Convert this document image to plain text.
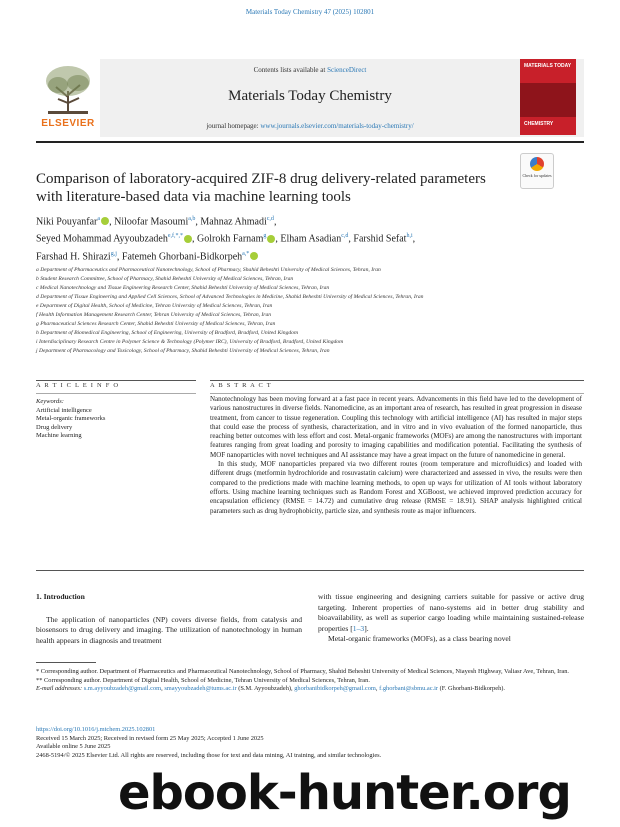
Materials Today Chemistry 47 (2025) 102801
ELSEVIER
Contents lists available at ScienceDirect
Materials Today Chemistry
journal homepage: www.journals.elsevier.com/materials-today-chemistry/
MATERIALS TODAY
CHEMISTRY
Check for updates
Comparison of laboratory-acquired ZIF-8 drug delivery-related parameters with literature-based data via machine learning tools
Niki Pouyanfar$^a$ , Niloofar Masoumi$^{a,b}$, Mahnaz Ahmadi$^{c,d}$,
Seyed Mohammad Ayyoubzadeh$^{e,f,*,*}$ , Golrokh Farnam$^g$ , Elham Asadian$^{c,d}$, Farshid Sefat$^{h,i}$,
Farshad H. Shirazi$^{g,j}$, Fatemeh Ghorbani-Bidkorpeh$^{a,*}$
a Department of Pharmaceutics and Pharmaceutical Nanotechnology, School of Pharmacy, Shahid Beheshti University of Medical Sciences, Tehran, Iran
b Student Research Committee, School of Pharmacy, Shahid Beheshti University of Medical Sciences, Tehran, Iran
c Medical Nanotechnology and Tissue Engineering Research Center, Shahid Beheshti University of Medical Sciences, Tehran, Iran
d Department of Tissue Engineering and Applied Cell Sciences, School of Advanced Technologies in Medicine, Shahid Beheshti University of Medical Sciences, Tehran, Iran
e Department of Digital Health, School of Medicine, Tehran University of Medical Sciences, Tehran, Iran
f Health Information Management Research Center, Tehran University of Medical Sciences, Tehran, Iran
g Pharmaceutical Sciences Research Center, Shahid Beheshti University of Medical Sciences, Tehran, Iran
h Department of Biomedical Engineering, School of Engineering, University of Bradford, Bradford, United Kingdom
i Interdisciplinary Research Centre in Polymer Science & Technology (Polymer IRC), University of Bradford, Bradford, United Kingdom
j Department of Pharmacology and Toxicology, School of Pharmacy, Shahid Beheshti University of Medical Sciences, Tehran, Iran
A R T I C L E I N F O	A B S T R A C T
Keywords:
Artificial intelligence
Metal-organic frameworks
Drug delivery
Machine learning

Nanotechnology has been moving forward at a fast pace in recent years. Advancements in this field have led to the development of various nanostructures in diverse fields. Nanomedicine, as an important area of research, has resulted in great progression in disease treatment, from cancer to tissue regeneration. Coupling this technology with artificial intelligence (AI) has resulted in major steps that could ease the process of synthesis, characterization, and in vitro and in vivo evaluation of the formed nanoparticle, thus reaching better outcomes with less effort and cost. Metal-organic frameworks (MOFs) are among the nanostructures with important features ranging from great loading and porosity to imaging capabilities and modification potential. Facilitating the synthesis of MOF nanoparticles with novel techniques and AI assistance may have a great impact on the future of nanomedicine in general.

In this study, MOF nanoparticles prepared via two different routes (room temperature and microfluidics) and loaded with different drugs (metformin hydrochloride and rosuvastatin calcium) were characterized and assessed in vivo, the results were then compared to the predictions made with machine learning methods, to open up ways for utilization of AI tools without laboratory efforts. Using machine learning techniques such as Random Forest and XGBoost, we achieved improved prediction accuracy for encapsulation efficiency (RMSE = 14.72) and cumulative drug release (RMSE = 18.91). SHAP analysis highlighted critical parameters such as drug hydrophobicity, particle size, and synthesis route as major influencers.

1. Introduction

The application of nanoparticles (NP) covers diverse fields, from catalysis and biosensors to drug delivery and imaging. The utilization of nanotechnology in human health appears in diagnosis and treatment

with tissue engineering and designing carriers suitable for passive or active drug targeting. Inherent properties of nano-systems aid in better drug stability and bioavailability, as well as superior cargo loading while maintaining sustained-release properties [1–3].

Metal-organic frameworks (MOFs), as a class bearing novel

* Corresponding author. Department of Pharmaceutics and Pharmaceutical Nanotechnology, School of Pharmacy, Shahid Beheshti University of Medical Sciences, Niayesh Highway, Valiasr Ave, Tehran, Iran.
** Corresponding author. Department of Digital Health, School of Medicine, Tehran University of Medical Sciences, Tehran, Iran.
E-mail addresses: s.m.ayyoubzadeh@gmail.com, smayyoubzadeh@tums.ac.ir (S.M. Ayyoubzadeh), ghorbanibidkorpeh@gmail.com, f.ghorbani@sbmu.ac.ir (F. Ghorbani-Bidkorpeh).
https://doi.org/10.1016/j.mtchem.2025.102801
Received 15 March 2025; Received in revised form 25 May 2025; Accepted 1 June 2025
Available online 5 June 2025
2468-5194/© 2025 Elsevier Ltd. All rights are reserved, including those for text and data mining, AI training, and similar technologies.
ebook-hunter.org
